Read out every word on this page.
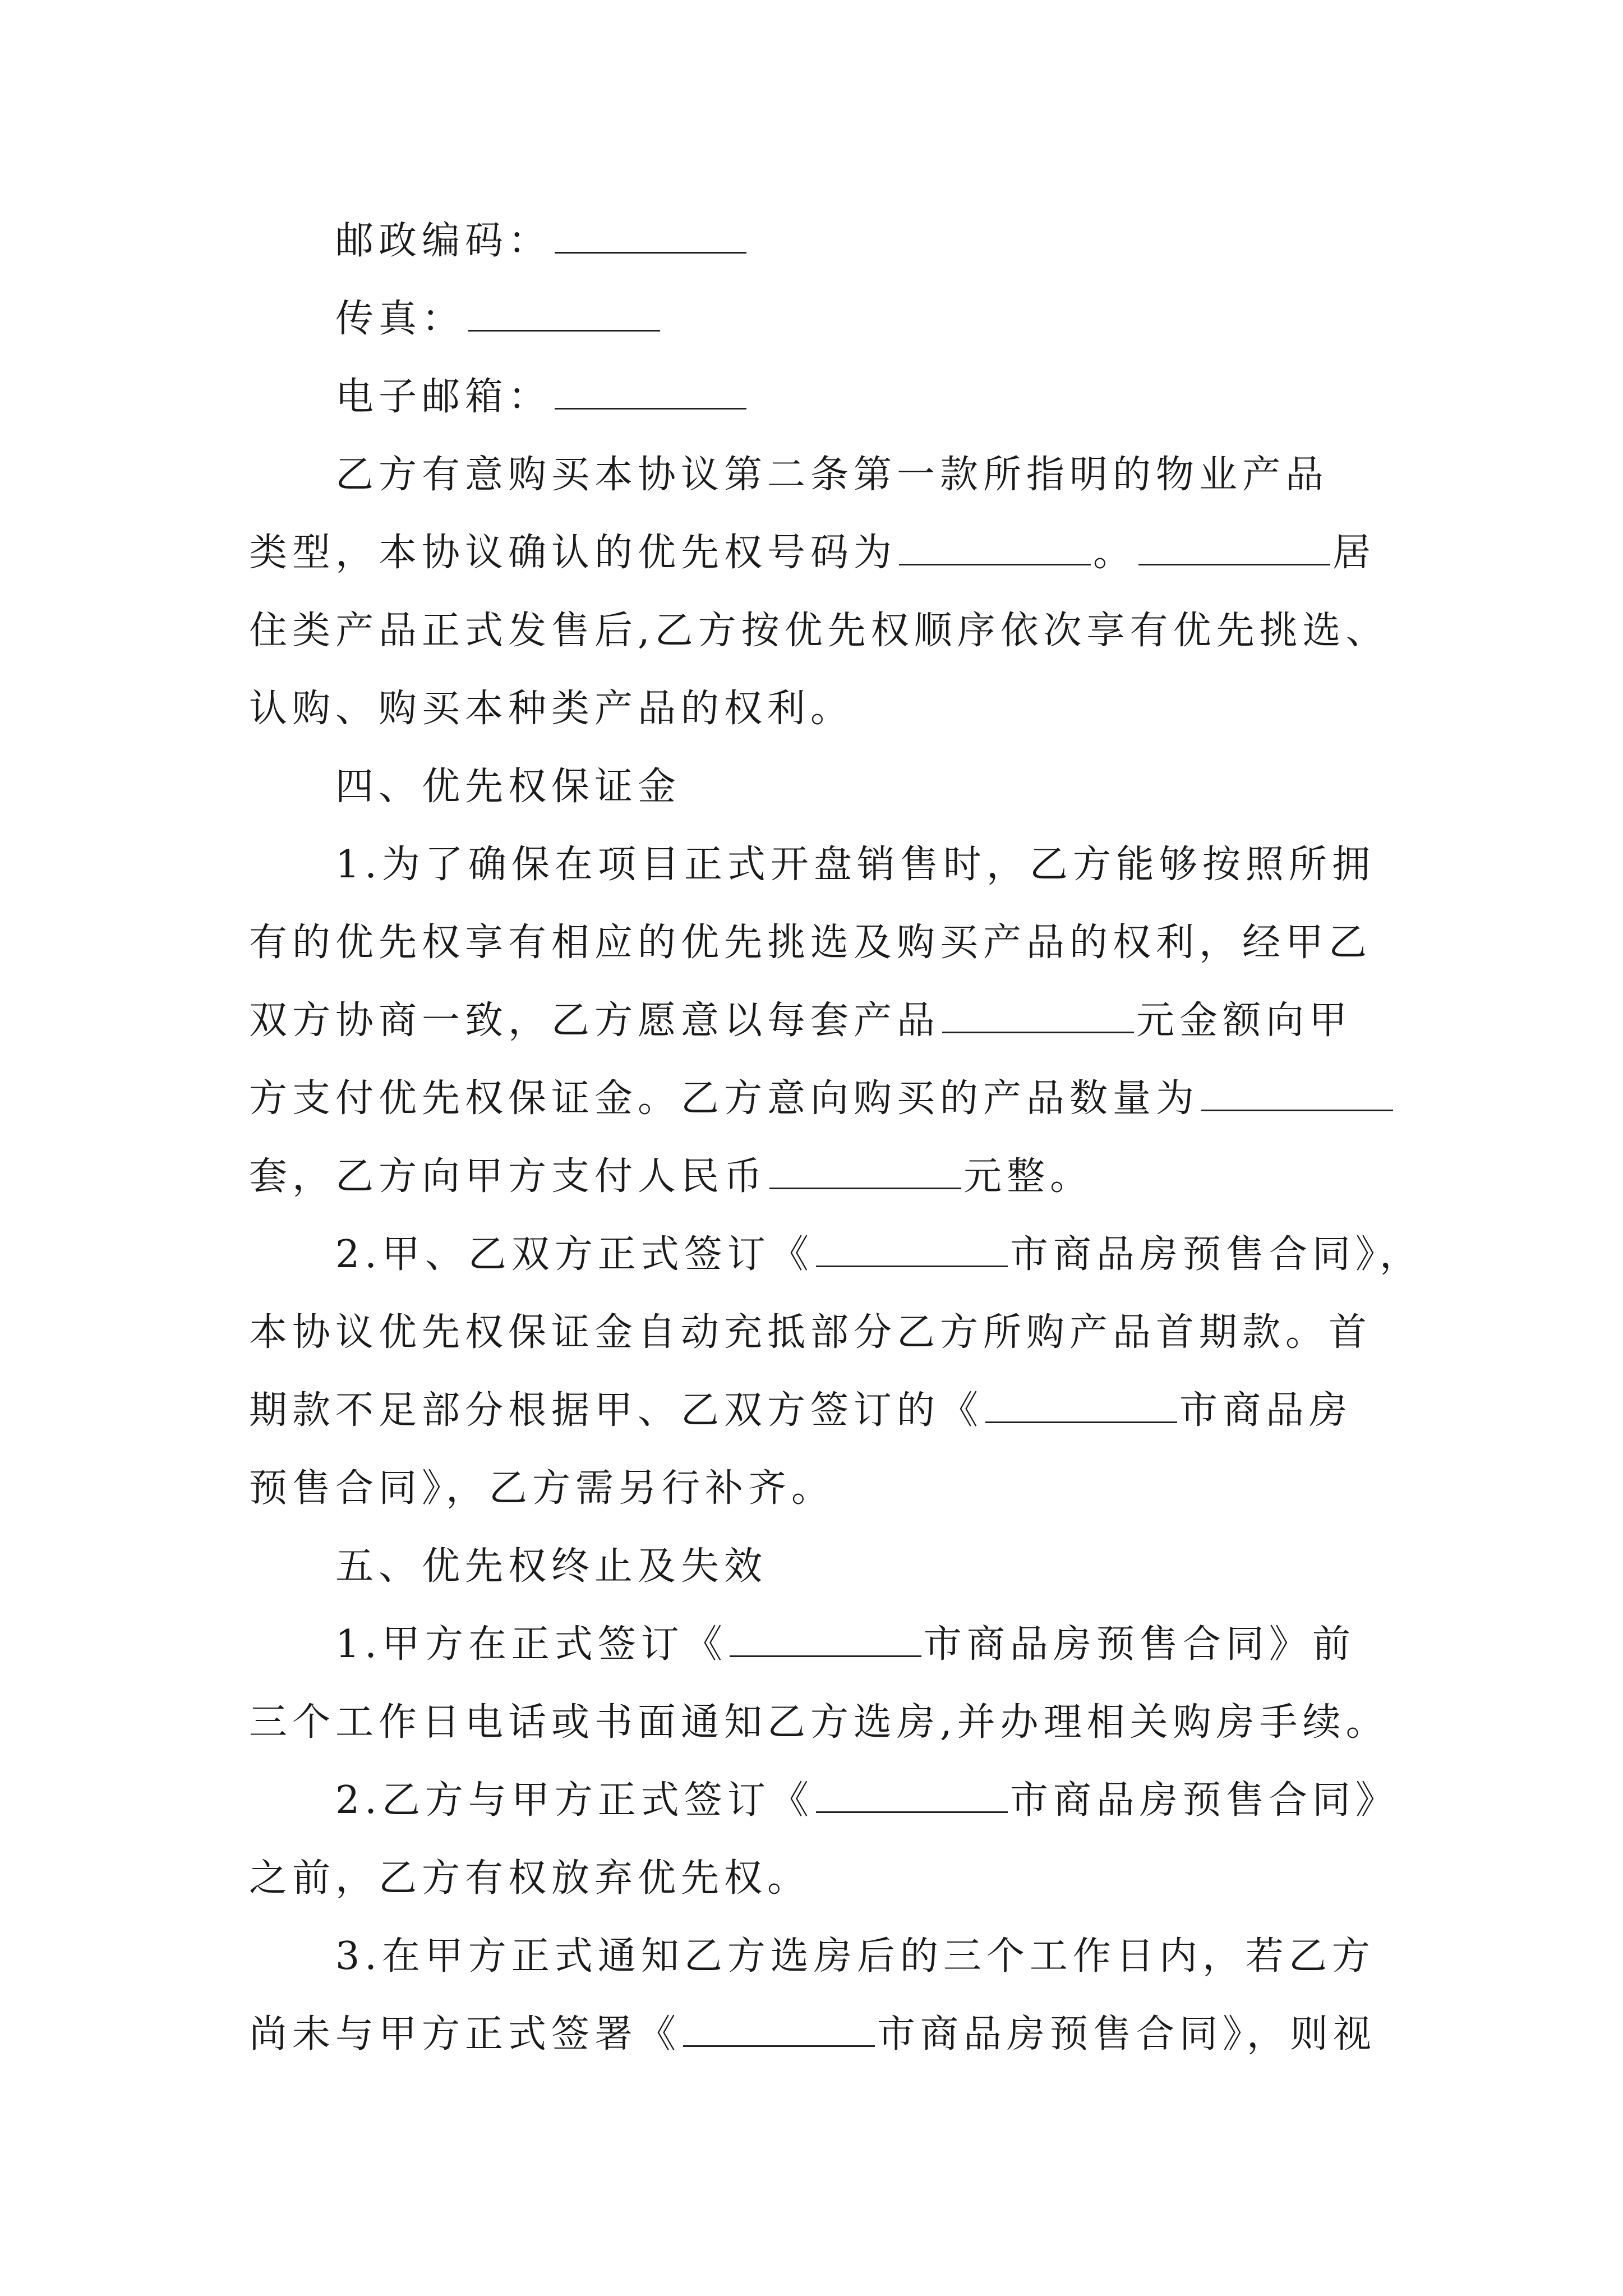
邮政编码：
传真：
电子邮箱：
乙方有意购买本协议第二条第一款所指明的物业产品
类型，本协议确认的优先权号码为	。	居
住类产品正式发售后,乙方按优先权顺序依次享有优先挑选、
认购、购买本种类产品的权利。
四、优先权保证金
1.为了确保在项目正式开盘销售时，乙方能够按照所拥
有的优先权享有相应的优先挑选及购买产品的权利，经甲乙
双方协商一致，乙方愿意以每套产品	元金额向甲
方支付优先权保证金。乙方意向购买的产品数量为
套，乙方向甲方支付人民币	元整。
2.甲、乙双方正式签订《	市商品房预售合同》，
本协议优先权保证金自动充抵部分乙方所购产品首期款。首
期款不足部分根据甲、乙双方签订的《	市商品房
预售合同》，乙方需另行补齐。
五、优先权终止及失效
1.甲方在正式签订《	市商品房预售合同》前
三个工作日电话或书面通知乙方选房,并办理相关购房手续。
2.乙方与甲方正式签订《	市商品房预售合同》
之前，乙方有权放弃优先权。
3.在甲方正式通知乙方选房后的三个工作日内，若乙方
尚未与甲方正式签署《	市商品房预售合同》，则视
